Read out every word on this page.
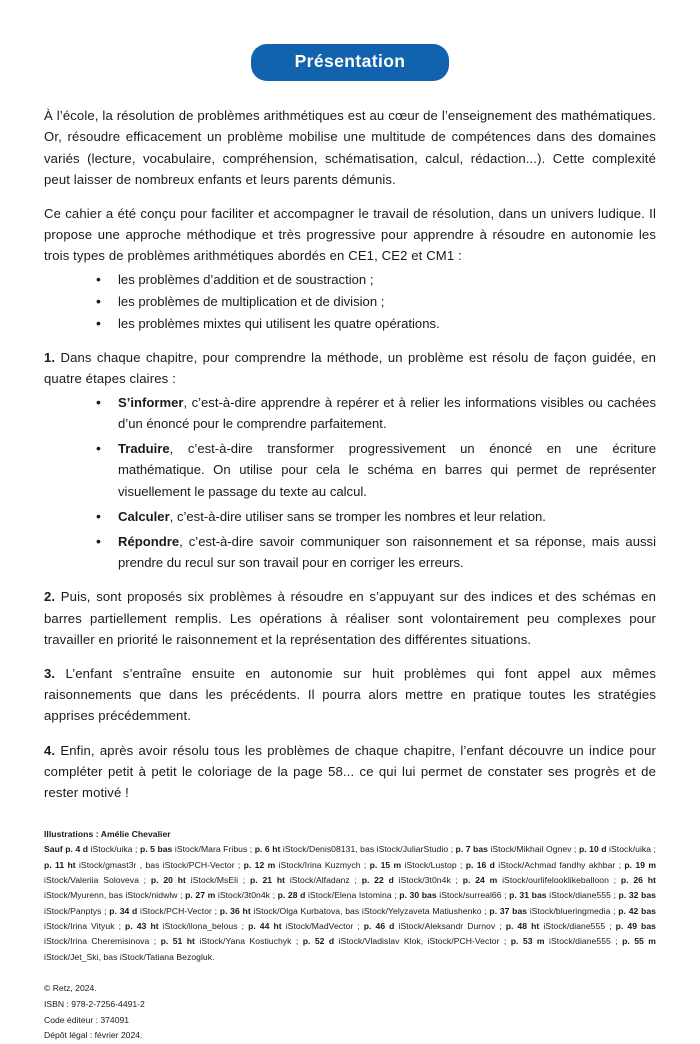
Présentation

À l’école, la résolution de problèmes arithmétiques est au cœur de l’enseignement des mathématiques. Or, résoudre efficacement un problème mobilise une multitude de compétences dans des domaines variés (lecture, vocabulaire, compréhension, schématisation, calcul, rédaction...). Cette complexité peut laisser de nombreux enfants et leurs parents démunis.

Ce cahier a été conçu pour faciliter et accompagner le travail de résolution, dans un univers ludique. Il propose une approche méthodique et très progressive pour apprendre à résoudre en autonomie les trois types de problèmes arithmétiques abordés en CE1, CE2 et CM1 :

• les problèmes d’addition et de soustraction ;
• les problèmes de multiplication et de division ;
• les problèmes mixtes qui utilisent les quatre opérations.

1. Dans chaque chapitre, pour comprendre la méthode, un problème est résolu de façon guidée, en quatre étapes claires :

• S’informer, c’est-à-dire apprendre à repérer et à relier les informations visibles ou cachées d’un énoncé pour le comprendre parfaitement.
• Traduire, c’est-à-dire transformer progressivement un énoncé en une écriture mathématique. On utilise pour cela le schéma en barres qui permet de représenter visuellement le passage du texte au calcul.
• Calculer, c’est-à-dire utiliser sans se tromper les nombres et leur relation.
• Répondre, c’est-à-dire savoir communiquer son raisonnement et sa réponse, mais aussi prendre du recul sur son travail pour en corriger les erreurs.

2. Puis, sont proposés six problèmes à résoudre en s’appuyant sur des indices et des schémas en barres partiellement remplis. Les opérations à réaliser sont volontairement peu complexes pour travailler en priorité le raisonnement et la représentation des différentes situations.

3. L’enfant s’entraîne ensuite en autonomie sur huit problèmes qui font appel aux mêmes raisonnements que dans les précédents. Il pourra alors mettre en pratique toutes les stratégies apprises précédemment.

4. Enfin, après avoir résolu tous les problèmes de chaque chapitre, l’enfant découvre un indice pour compléter petit à petit le coloriage de la page 58... ce qui lui permet de constater ses progrès et de rester motivé !

Illustrations : Amélie Chevalier
Sauf p. 4 d iStock/uika ; p. 5 bas iStock/Mara Fribus ; p. 6 ht iStock/Denis08131, bas iStock/JuliarStudio ; p. 7 bas iStock/Mikhail Ognev ; p. 10 d iStock/uika ; p. 11 ht iStock/gmast3r , bas iStock/PCH-Vector ; p. 12 m iStock/Irina Kuzmych ; p. 15 m iStock/Lustop ; p. 16 d iStock/Achmad fandhy akhbar ; p. 19 m iStock/Valeriia Soloveva ; p. 20 ht iStock/MsEli ; p. 21 ht iStock/Alfadanz ; p. 22 d iStock/3t0n4k ; p. 24 m iStock/ourlifelooklikeballoon ; p. 26 ht iStock/Myurenn, bas iStock/nidwlw ; p. 27 m iStock/3t0n4k ; p. 28 d iStock/Elena Istomina ; p. 30 bas iStock/surreal66 ; p. 31 bas iStock/diane555 ; p. 32 bas iStock/Panptys ; p. 34 d iStock/PCH-Vector ; p. 36 ht iStock/Olga Kurbatova, bas iStock/Yelyzaveta Matiushenko ; p. 37 bas iStock/blueringmedia ; p. 42 bas iStock/Irina Vityuk ; p. 43 ht iStock/ilona_belous ; p. 44 ht iStock/MadVector ; p. 46 d iStock/Aleksandr Durnov ; p. 48 ht iStock/diane555 ; p. 49 bas iStock/Irina Cheremisinova ; p. 51 ht iStock/Yana Kostiuchyk ; p. 52 d iStock/Vladislav Klok, iStock/PCH-Vector ; p. 53 m iStock/diane555 ; p. 55 m iStock/Jet_Ski, bas iStock/Tatiana Bezogluk.
© Retz, 2024.
ISBN : 978-2-7256-4491-2
Code éditeur : 374091
Dépôt légal : février 2024.
